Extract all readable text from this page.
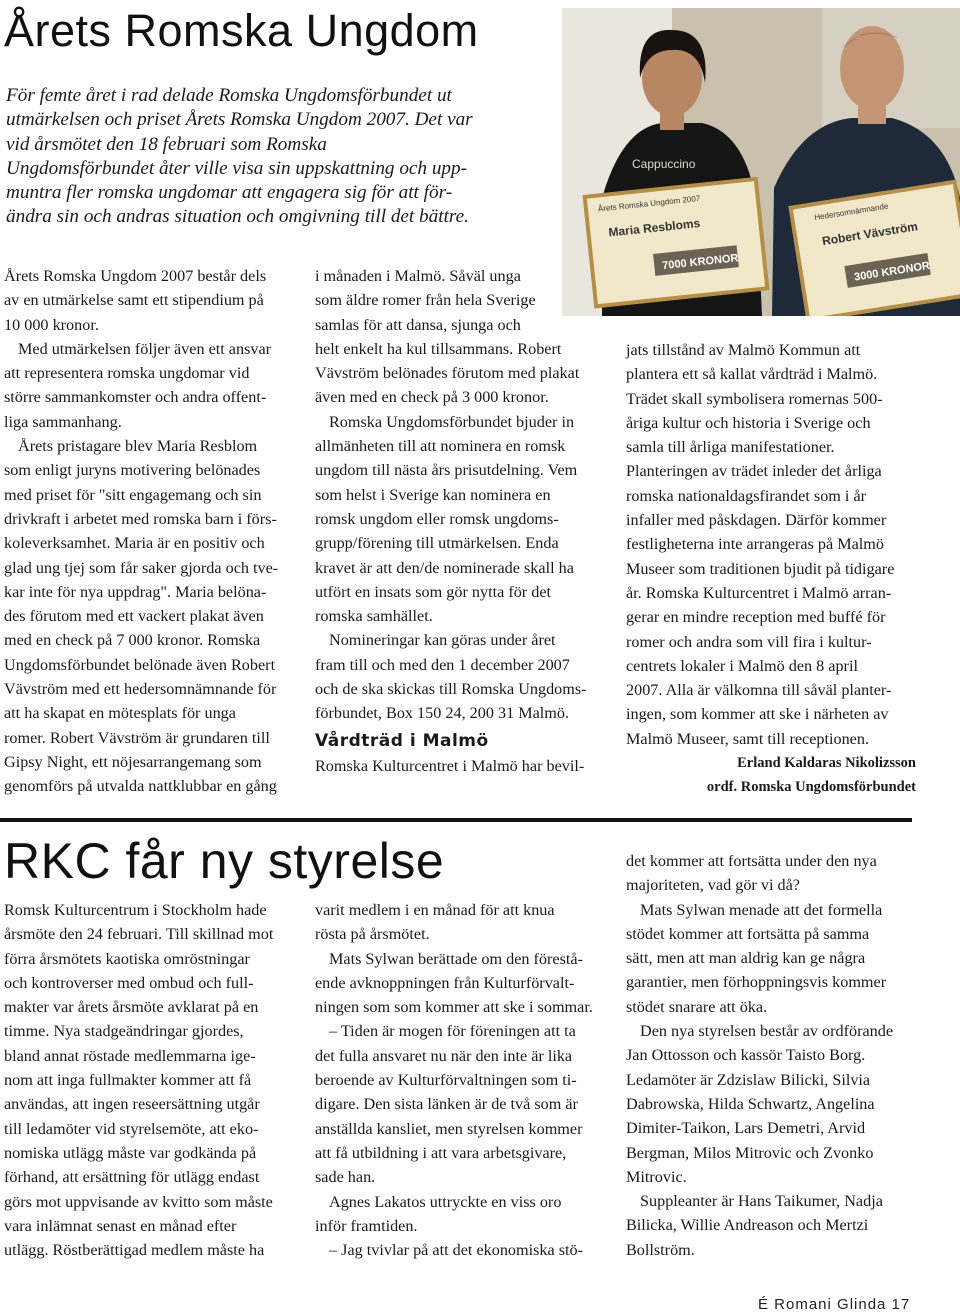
Årets Romska Ungdom
För femte året i rad delade Romska Ungdomsförbundet ut
utmärkelsen och priset Årets Romska Ungdom 2007. Det var
vid årsmötet den 18 februari som Romska
Ungdomsförbundet åter ville visa sin uppskattning och upp-
muntra fler romska ungdomar att engagera sig för att för-
ändra sin och andras situation och omgivning till det bättre.
Cappuccino
Årets Romska Ungdom 2007
Maria Resbloms
7000 KRONOR
Hedersomnämnande
Robert Vävström
3000 KRONOR
Årets Romska Ungdom 2007 består dels
av en utmärkelse samt ett stipendium på
10 000 kronor.
Med utmärkelsen följer även ett ansvar
att representera romska ungdomar vid
större sammankomster och andra offent-
liga sammanhang.
Årets pristagare blev Maria Resblom
som enligt juryns motivering belönades
med priset för "sitt engagemang och sin
drivkraft i arbetet med romska barn i förs-
koleverksamhet. Maria är en positiv och
glad ung tjej som får saker gjorda och tve-
kar inte för nya uppdrag". Maria belöna-
des förutom med ett vackert plakat även
med en check på 7 000 kronor. Romska
Ungdomsförbundet belönade även Robert
Vävström med ett hedersomnämnande för
att ha skapat en mötesplats för unga
romer. Robert Vävström är grundaren till
Gipsy Night, ett nöjesarrangemang som
genomförs på utvalda nattklubbar en gång
i månaden i Malmö. Såväl unga
som äldre romer från hela Sverige
samlas för att dansa, sjunga och
helt enkelt ha kul tillsammans. Robert
Vävström belönades förutom med plakat
även med en check på 3 000 kronor.
Romska Ungdomsförbundet bjuder in
allmänheten till att nominera en romsk
ungdom till nästa års prisutdelning. Vem
som helst i Sverige kan nominera en
romsk ungdom eller romsk ungdoms-
grupp/förening till utmärkelsen. Enda
kravet är att den/de nominerade skall ha
utfört en insats som gör nytta för det
romska samhället.
Nomineringar kan göras under året
fram till och med den 1 december 2007
och de ska skickas till Romska Ungdoms-
förbundet, Box 150 24, 200 31 Malmö.
Vårdträd i Malmö
Romska Kulturcentret i Malmö har bevil-
jats tillstånd av Malmö Kommun att
plantera ett så kallat vårdträd i Malmö.
Trädet skall symbolisera romernas 500-
åriga kultur och historia i Sverige och
samla till årliga manifestationer.
Planteringen av trädet inleder det årliga
romska nationaldagsfirandet som i år
infaller med påskdagen. Därför kommer
festligheterna inte arrangeras på Malmö
Museer som traditionen bjudit på tidigare
år. Romska Kulturcentret i Malmö arran-
gerar en mindre reception med buffé för
romer och andra som vill fira i kultur-
centrets lokaler i Malmö den 8 april
2007. Alla är välkomna till såväl planter-
ingen, som kommer att ske i närheten av
Malmö Museer, samt till receptionen.
Erland Kaldaras Nikolizsson
ordf. Romska Ungdomsförbundet
RKC får ny styrelse
Romsk Kulturcentrum i Stockholm hade
årsmöte den 24 februari. Till skillnad mot
förra årsmötets kaotiska omröstningar
och kontroverser med ombud och full-
makter var årets årsmöte avklarat på en
timme. Nya stadgeändringar gjordes,
bland annat röstade medlemmarna ige-
nom att inga fullmakter kommer att få
användas, att ingen reseersättning utgår
till ledamöter vid styrelsemöte, att eko-
nomiska utlägg måste var godkända på
förhand, att ersättning för utlägg endast
görs mot uppvisande av kvitto som måste
vara inlämnat senast en månad efter
utlägg. Röstberättigad medlem måste ha
varit medlem i en månad för att knua
rösta på årsmötet.
Mats Sylwan berättade om den förestå-
ende avknoppningen från Kulturförvalt-
ningen som som kommer att ske i sommar.
– Tiden är mogen för föreningen att ta
det fulla ansvaret nu när den inte är lika
beroende av Kulturförvaltningen som ti-
digare. Den sista länken är de två som är
anställda kansliet, men styrelsen kommer
att få utbildning i att vara arbetsgivare,
sade han.
Agnes Lakatos uttryckte en viss oro
inför framtiden.
– Jag tvivlar på att det ekonomiska stö-
det kommer att fortsätta under den nya
majoriteten, vad gör vi då?
Mats Sylwan menade att det formella
stödet kommer att fortsätta på samma
sätt, men att man aldrig kan ge några
garantier, men förhoppningsvis kommer
stödet snarare att öka.
Den nya styrelsen består av ordförande
Jan Ottosson och kassör Taisto Borg.
Ledamöter är Zdzislaw Bilicki, Silvia
Dabrowska, Hilda Schwartz, Angelina
Dimiter-Taikon, Lars Demetri, Arvid
Bergman, Milos Mitrovic och Zvonko
Mitrovic.
Suppleanter är Hans Taikumer, Nadja
Bilicka, Willie Andreason och Mertzi
Bollström.
É Romani Glinda 17
